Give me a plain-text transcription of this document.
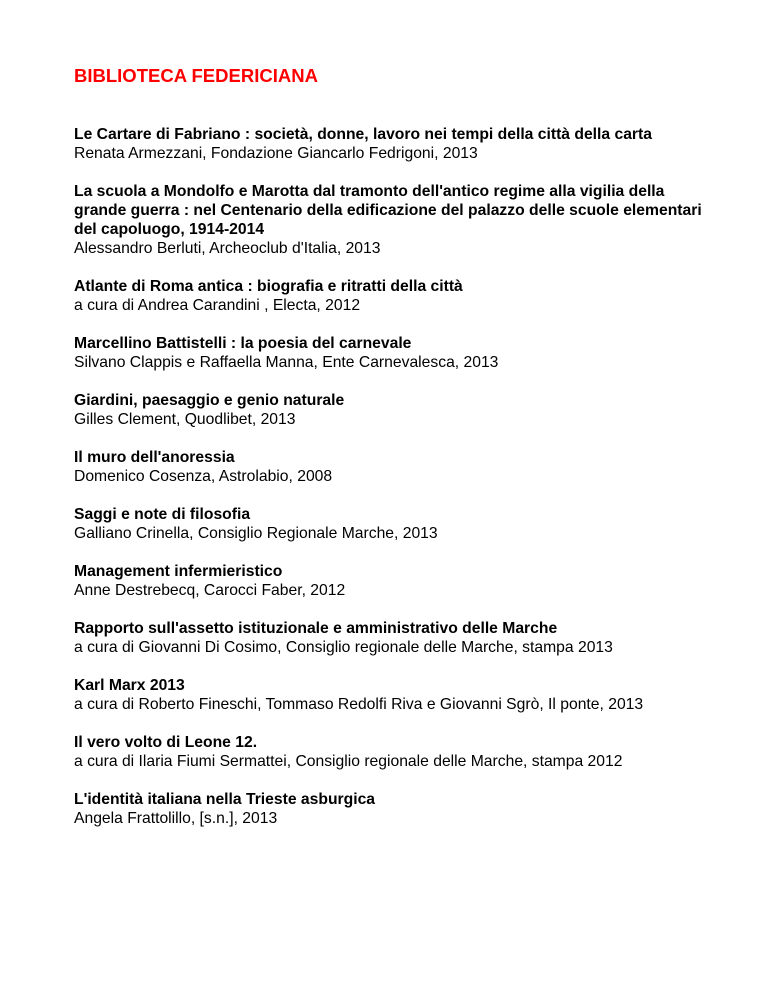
BIBLIOTECA FEDERICIANA
Le Cartare di Fabriano : società, donne, lavoro nei tempi della città della carta
Renata Armezzani, Fondazione Giancarlo Fedrigoni, 2013
La scuola a Mondolfo e Marotta dal tramonto dell'antico regime alla vigilia della grande guerra : nel Centenario della edificazione del palazzo delle scuole elementari del capoluogo, 1914-2014
Alessandro Berluti, Archeoclub d'Italia, 2013
Atlante di Roma antica : biografia e ritratti della città
a cura di Andrea Carandini , Electa, 2012
Marcellino Battistelli : la poesia del carnevale
Silvano Clappis e Raffaella Manna, Ente Carnevalesca, 2013
Giardini, paesaggio e genio naturale
Gilles Clement, Quodlibet, 2013
Il muro dell'anoressia
Domenico Cosenza, Astrolabio, 2008
Saggi e note di filosofia
Galliano Crinella, Consiglio Regionale Marche, 2013
Management infermieristico
Anne Destrebecq, Carocci Faber, 2012
Rapporto sull'assetto istituzionale e amministrativo delle Marche
a cura di Giovanni Di Cosimo, Consiglio regionale delle Marche, stampa 2013
Karl Marx 2013
a cura di Roberto Fineschi, Tommaso Redolfi Riva e Giovanni Sgrò, Il ponte, 2013
Il vero volto di Leone 12.
a cura di Ilaria Fiumi Sermattei, Consiglio regionale delle Marche, stampa 2012
L'identità italiana nella Trieste asburgica
Angela Frattolillo, [s.n.], 2013
